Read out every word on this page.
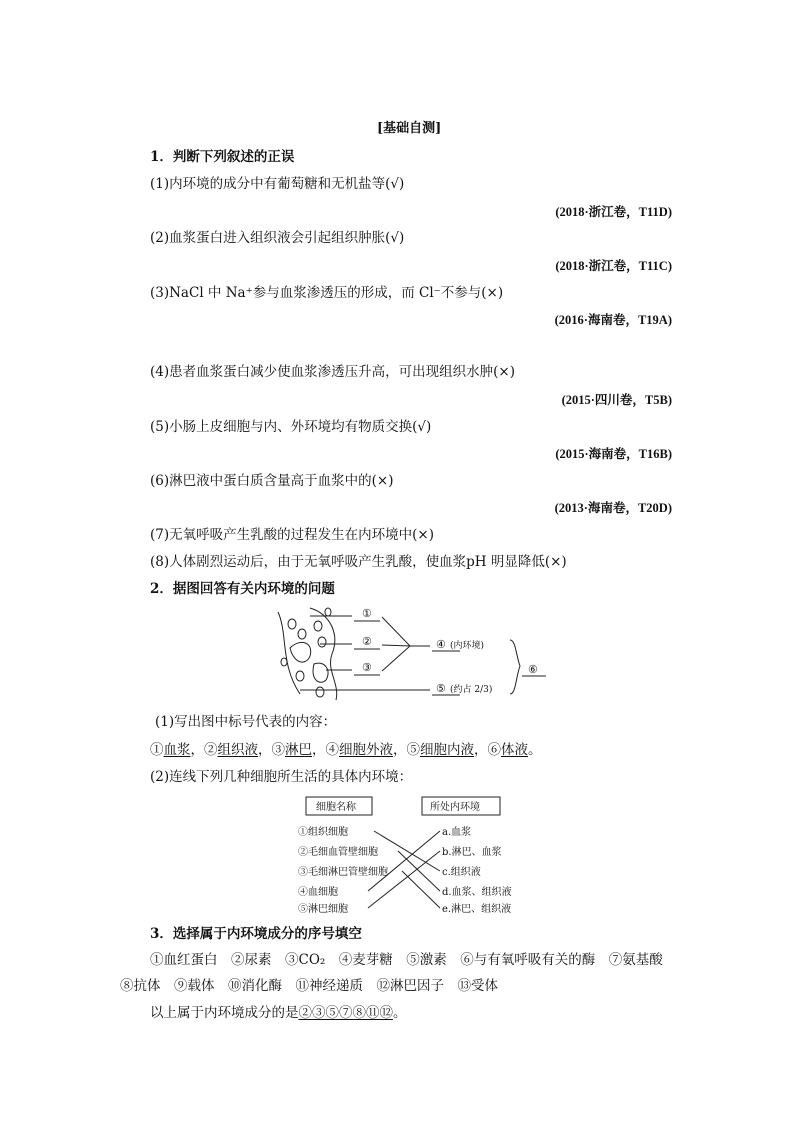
[基础自测]
1．判断下列叙述的正误
(1)内环境的成分中有葡萄糖和无机盐等(√)
(2018·浙江卷，T11D)
(2)血浆蛋白进入组织液会引起组织肿胀(√)
(2018·浙江卷，T11C)
(3)NaCl 中 Na⁺参与血浆渗透压的形成，而 Cl⁻不参与(×)
(2016·海南卷，T19A)
(4)患者血浆蛋白减少使血浆渗透压升高，可出现组织水肿(×)
(2015·四川卷，T5B)
(5)小肠上皮细胞与内、外环境均有物质交换(√)
(2015·海南卷，T16B)
(6)淋巴液中蛋白质含量高于血浆中的(×)
(2013·海南卷，T20D)
(7)无氧呼吸产生乳酸的过程发生在内环境中(×)
(8)人体剧烈运动后，由于无氧呼吸产生乳酸，使血浆pH 明显降低(×)
2．据图回答有关内环境的问题
①
②
③
④ (内环境)
⑤ (约占 2/3)
⑥
(1)写出图中标号代表的内容：
①血浆，②组织液，③淋巴，④细胞外液，⑤细胞内液，⑥体液。
(2)连线下列几种细胞所生活的具体内环境：
细胞名称	所处内环境
①组织细胞
②毛细血管壁细胞
③毛细淋巴管壁细胞
④血细胞
⑤淋巴细胞
a.血浆
b.淋巴、血浆
c.组织液
d.血浆、组织液
e.淋巴、组织液
3．选择属于内环境成分的序号填空
①血红蛋白　②尿素　③CO₂　④麦芽糖　⑤激素　⑥与有氧呼吸有关的酶　⑦氨基酸
⑧抗体　⑨载体　⑩消化酶　⑪神经递质　⑫淋巴因子　⑬受体
以上属于内环境成分的是②③⑤⑦⑧⑪⑫。
